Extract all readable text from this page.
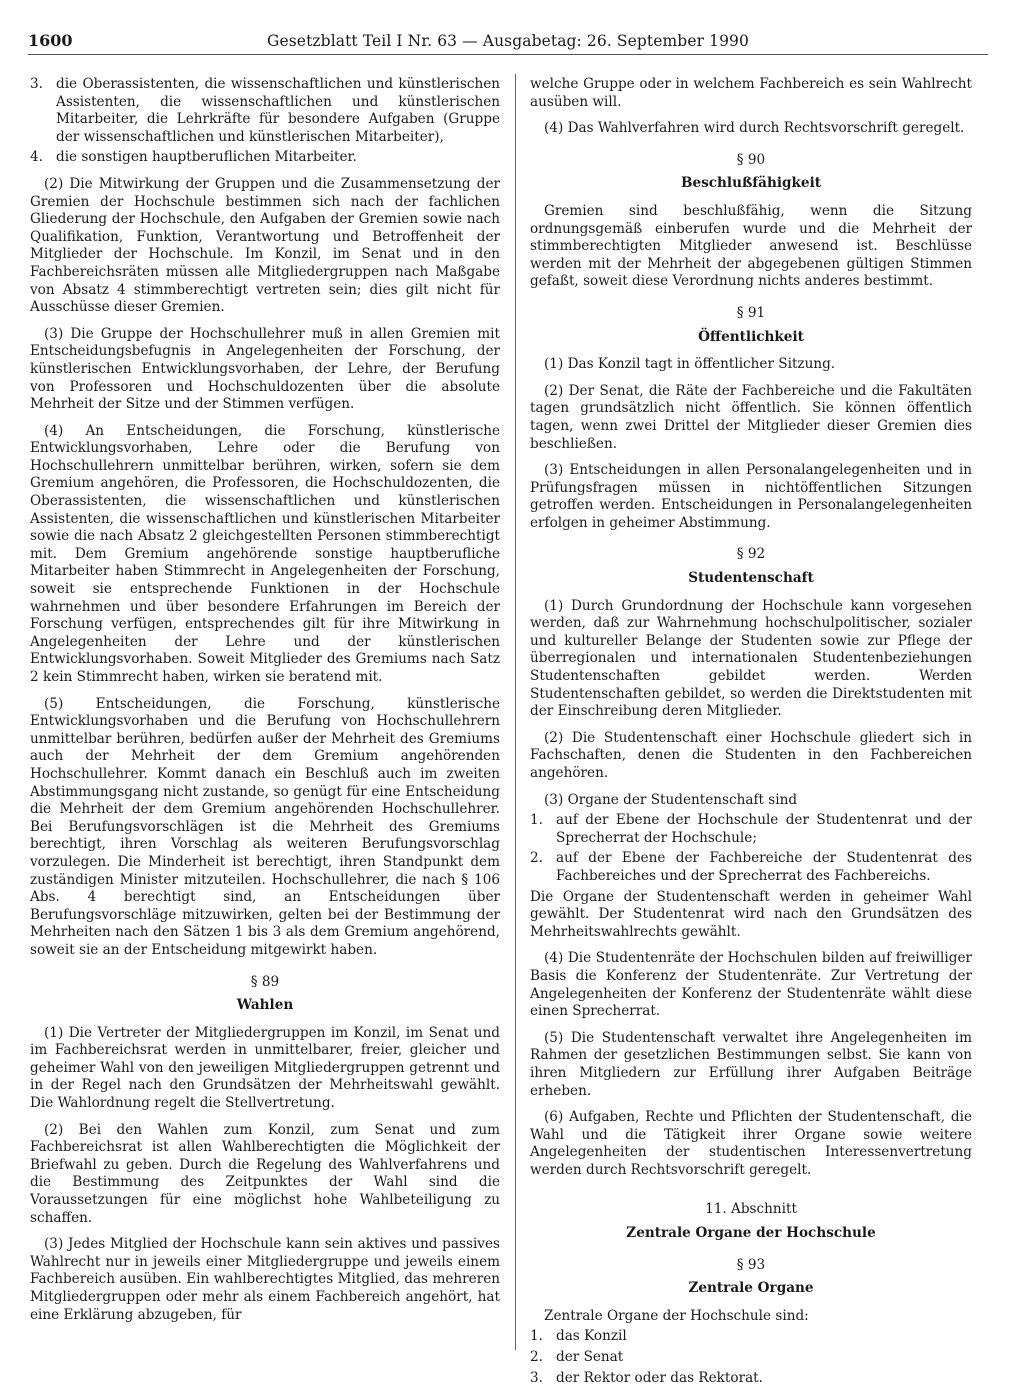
1600	Gesetzblatt Teil I Nr. 63 — Ausgabetag: 26. September 1990
3. die Oberassistenten, die wissenschaftlichen und künstlerischen Assistenten, die wissenschaftlichen und künstlerischen Mitarbeiter, die Lehrkräfte für besondere Aufgaben (Gruppe der wissenschaftlichen und künstlerischen Mitarbeiter),
4. die sonstigen hauptberuflichen Mitarbeiter.

(2) Die Mitwirkung der Gruppen und die Zusammensetzung der Gremien der Hochschule bestimmen sich nach der fachlichen Gliederung der Hochschule, den Aufgaben der Gremien sowie nach Qualifikation, Funktion, Verantwortung und Betroffenheit der Mitglieder der Hochschule. Im Konzil, im Senat und in den Fachbereichsräten müssen alle Mitgliedergruppen nach Maßgabe von Absatz 4 stimmberechtigt vertreten sein; dies gilt nicht für Ausschüsse dieser Gremien.

(3) Die Gruppe der Hochschullehrer muß in allen Gremien mit Entscheidungsbefugnis in Angelegenheiten der Forschung, der künstlerischen Entwicklungsvorhaben, der Lehre, der Berufung von Professoren und Hochschuldozenten über die absolute Mehrheit der Sitze und der Stimmen verfügen.

(4) An Entscheidungen, die Forschung, künstlerische Entwicklungsvorhaben, Lehre oder die Berufung von Hochschullehrern unmittelbar berühren, wirken, sofern sie dem Gremium angehören, die Professoren, die Hochschuldozenten, die Oberassistenten, die wissenschaftlichen und künstlerischen Assistenten, die wissenschaftlichen und künstlerischen Mitarbeiter sowie die nach Absatz 2 gleichgestellten Personen stimmberechtigt mit. Dem Gremium angehörende sonstige hauptberufliche Mitarbeiter haben Stimmrecht in Angelegenheiten der Forschung, soweit sie entsprechende Funktionen in der Hochschule wahrnehmen und über besondere Erfahrungen im Bereich der Forschung verfügen, entsprechendes gilt für ihre Mitwirkung in Angelegenheiten der Lehre und der künstlerischen Entwicklungsvorhaben. Soweit Mitglieder des Gremiums nach Satz 2 kein Stimmrecht haben, wirken sie beratend mit.

(5) Entscheidungen, die Forschung, künstlerische Entwicklungsvorhaben und die Berufung von Hochschullehrern unmittelbar berühren, bedürfen außer der Mehrheit des Gremiums auch der Mehrheit der dem Gremium angehörenden Hochschullehrer. Kommt danach ein Beschluß auch im zweiten Abstimmungsgang nicht zustande, so genügt für eine Entscheidung die Mehrheit der dem Gremium angehörenden Hochschullehrer. Bei Berufungsvorschlägen ist die Mehrheit des Gremiums berechtigt, ihren Vorschlag als weiteren Berufungsvorschlag vorzulegen. Die Minderheit ist berechtigt, ihren Standpunkt dem zuständigen Minister mitzuteilen. Hochschullehrer, die nach § 106 Abs. 4 berechtigt sind, an Entscheidungen über Berufungsvorschläge mitzuwirken, gelten bei der Bestimmung der Mehrheiten nach den Sätzen 1 bis 3 als dem Gremium angehörend, soweit sie an der Entscheidung mitgewirkt haben.

§ 89
Wahlen

(1) Die Vertreter der Mitgliedergruppen im Konzil, im Senat und im Fachbereichsrat werden in unmittelbarer, freier, gleicher und geheimer Wahl von den jeweiligen Mitgliedergruppen getrennt und in der Regel nach den Grundsätzen der Mehrheitswahl gewählt. Die Wahlordnung regelt die Stellvertretung.

(2) Bei den Wahlen zum Konzil, zum Senat und zum Fachbereichsrat ist allen Wahlberechtigten die Möglichkeit der Briefwahl zu geben. Durch die Regelung des Wahlverfahrens und die Bestimmung des Zeitpunktes der Wahl sind die Voraussetzungen für eine möglichst hohe Wahlbeteiligung zu schaffen.

(3) Jedes Mitglied der Hochschule kann sein aktives und passives Wahlrecht nur in jeweils einer Mitgliedergruppe und jeweils einem Fachbereich ausüben. Ein wahlberechtigtes Mitglied, das mehreren Mitgliedergruppen oder mehr als einem Fachbereich angehört, hat eine Erklärung abzugeben, für

welche Gruppe oder in welchem Fachbereich es sein Wahlrecht ausüben will.

(4) Das Wahlverfahren wird durch Rechtsvorschrift geregelt.

§ 90
Beschlußfähigkeit

Gremien sind beschlußfähig, wenn die Sitzung ordnungsgemäß einberufen wurde und die Mehrheit der stimmberechtigten Mitglieder anwesend ist. Beschlüsse werden mit der Mehrheit der abgegebenen gültigen Stimmen gefaßt, soweit diese Verordnung nichts anderes bestimmt.

§ 91
Öffentlichkeit

(1) Das Konzil tagt in öffentlicher Sitzung.

(2) Der Senat, die Räte der Fachbereiche und die Fakultäten tagen grundsätzlich nicht öffentlich. Sie können öffentlich tagen, wenn zwei Drittel der Mitglieder dieser Gremien dies beschließen.

(3) Entscheidungen in allen Personalangelegenheiten und in Prüfungsfragen müssen in nichtöffentlichen Sitzungen getroffen werden. Entscheidungen in Personalangelegenheiten erfolgen in geheimer Abstimmung.

§ 92
Studentenschaft

(1) Durch Grundordnung der Hochschule kann vorgesehen werden, daß zur Wahrnehmung hochschulpolitischer, sozialer und kultureller Belange der Studenten sowie zur Pflege der überregionalen und internationalen Studentenbeziehungen Studentenschaften gebildet werden. Werden Studentenschaften gebildet, so werden die Direktstudenten mit der Einschreibung deren Mitglieder.

(2) Die Studentenschaft einer Hochschule gliedert sich in Fachschaften, denen die Studenten in den Fachbereichen angehören.

(3) Organe der Studentenschaft sind

1. auf der Ebene der Hochschule der Studentenrat und der Sprecherrat der Hochschule;
2. auf der Ebene der Fachbereiche der Studentenrat des Fachbereiches und der Sprecherrat des Fachbereichs.

Die Organe der Studentenschaft werden in geheimer Wahl gewählt. Der Studentenrat wird nach den Grundsätzen des Mehrheitswahlrechts gewählt.

(4) Die Studentenräte der Hochschulen bilden auf freiwilliger Basis die Konferenz der Studentenräte. Zur Vertretung der Angelegenheiten der Konferenz der Studentenräte wählt diese einen Sprecherrat.

(5) Die Studentenschaft verwaltet ihre Angelegenheiten im Rahmen der gesetzlichen Bestimmungen selbst. Sie kann von ihren Mitgliedern zur Erfüllung ihrer Aufgaben Beiträge erheben.

(6) Aufgaben, Rechte und Pflichten der Studentenschaft, die Wahl und die Tätigkeit ihrer Organe sowie weitere Angelegenheiten der studentischen Interessenvertretung werden durch Rechtsvorschrift geregelt.

11. Abschnitt
Zentrale Organe der Hochschule
§ 93
Zentrale Organe

Zentrale Organe der Hochschule sind:

1. das Konzil
2. der Senat
3. der Rektor oder das Rektorat.
